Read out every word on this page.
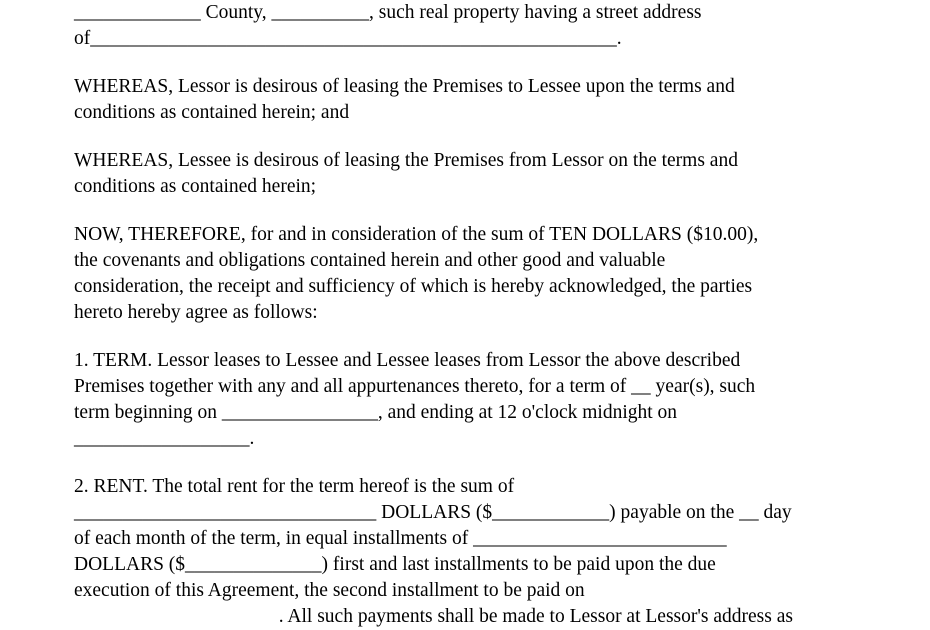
_____________ County, __________, such real property having a street address
of______________________________________________________.
WHEREAS, Lessor is desirous of leasing the Premises to Lessee upon the terms and
conditions as contained herein; and
WHEREAS, Lessee is desirous of leasing the Premises from Lessor on the terms and
conditions as contained herein;
NOW, THEREFORE, for and in consideration of the sum of TEN DOLLARS ($10.00),
the covenants and obligations contained herein and other good and valuable
consideration, the receipt and sufficiency of which is hereby acknowledged, the parties
hereto hereby agree as follows:
1. TERM. Lessor leases to Lessee and Lessee leases from Lessor the above described
Premises together with any and all appurtenances thereto, for a term of __ year(s), such
term beginning on ________________, and ending at 12 o'clock midnight on
__________________.
2. RENT. The total rent for the term hereof is the sum of
_______________________________ DOLLARS ($____________) payable on the __ day
of each month of the term, in equal installments of __________________________
DOLLARS ($______________) first and last installments to be paid upon the due
execution of this Agreement, the second installment to be paid on
. All such payments shall be made to Lessor at Lessor's address as
